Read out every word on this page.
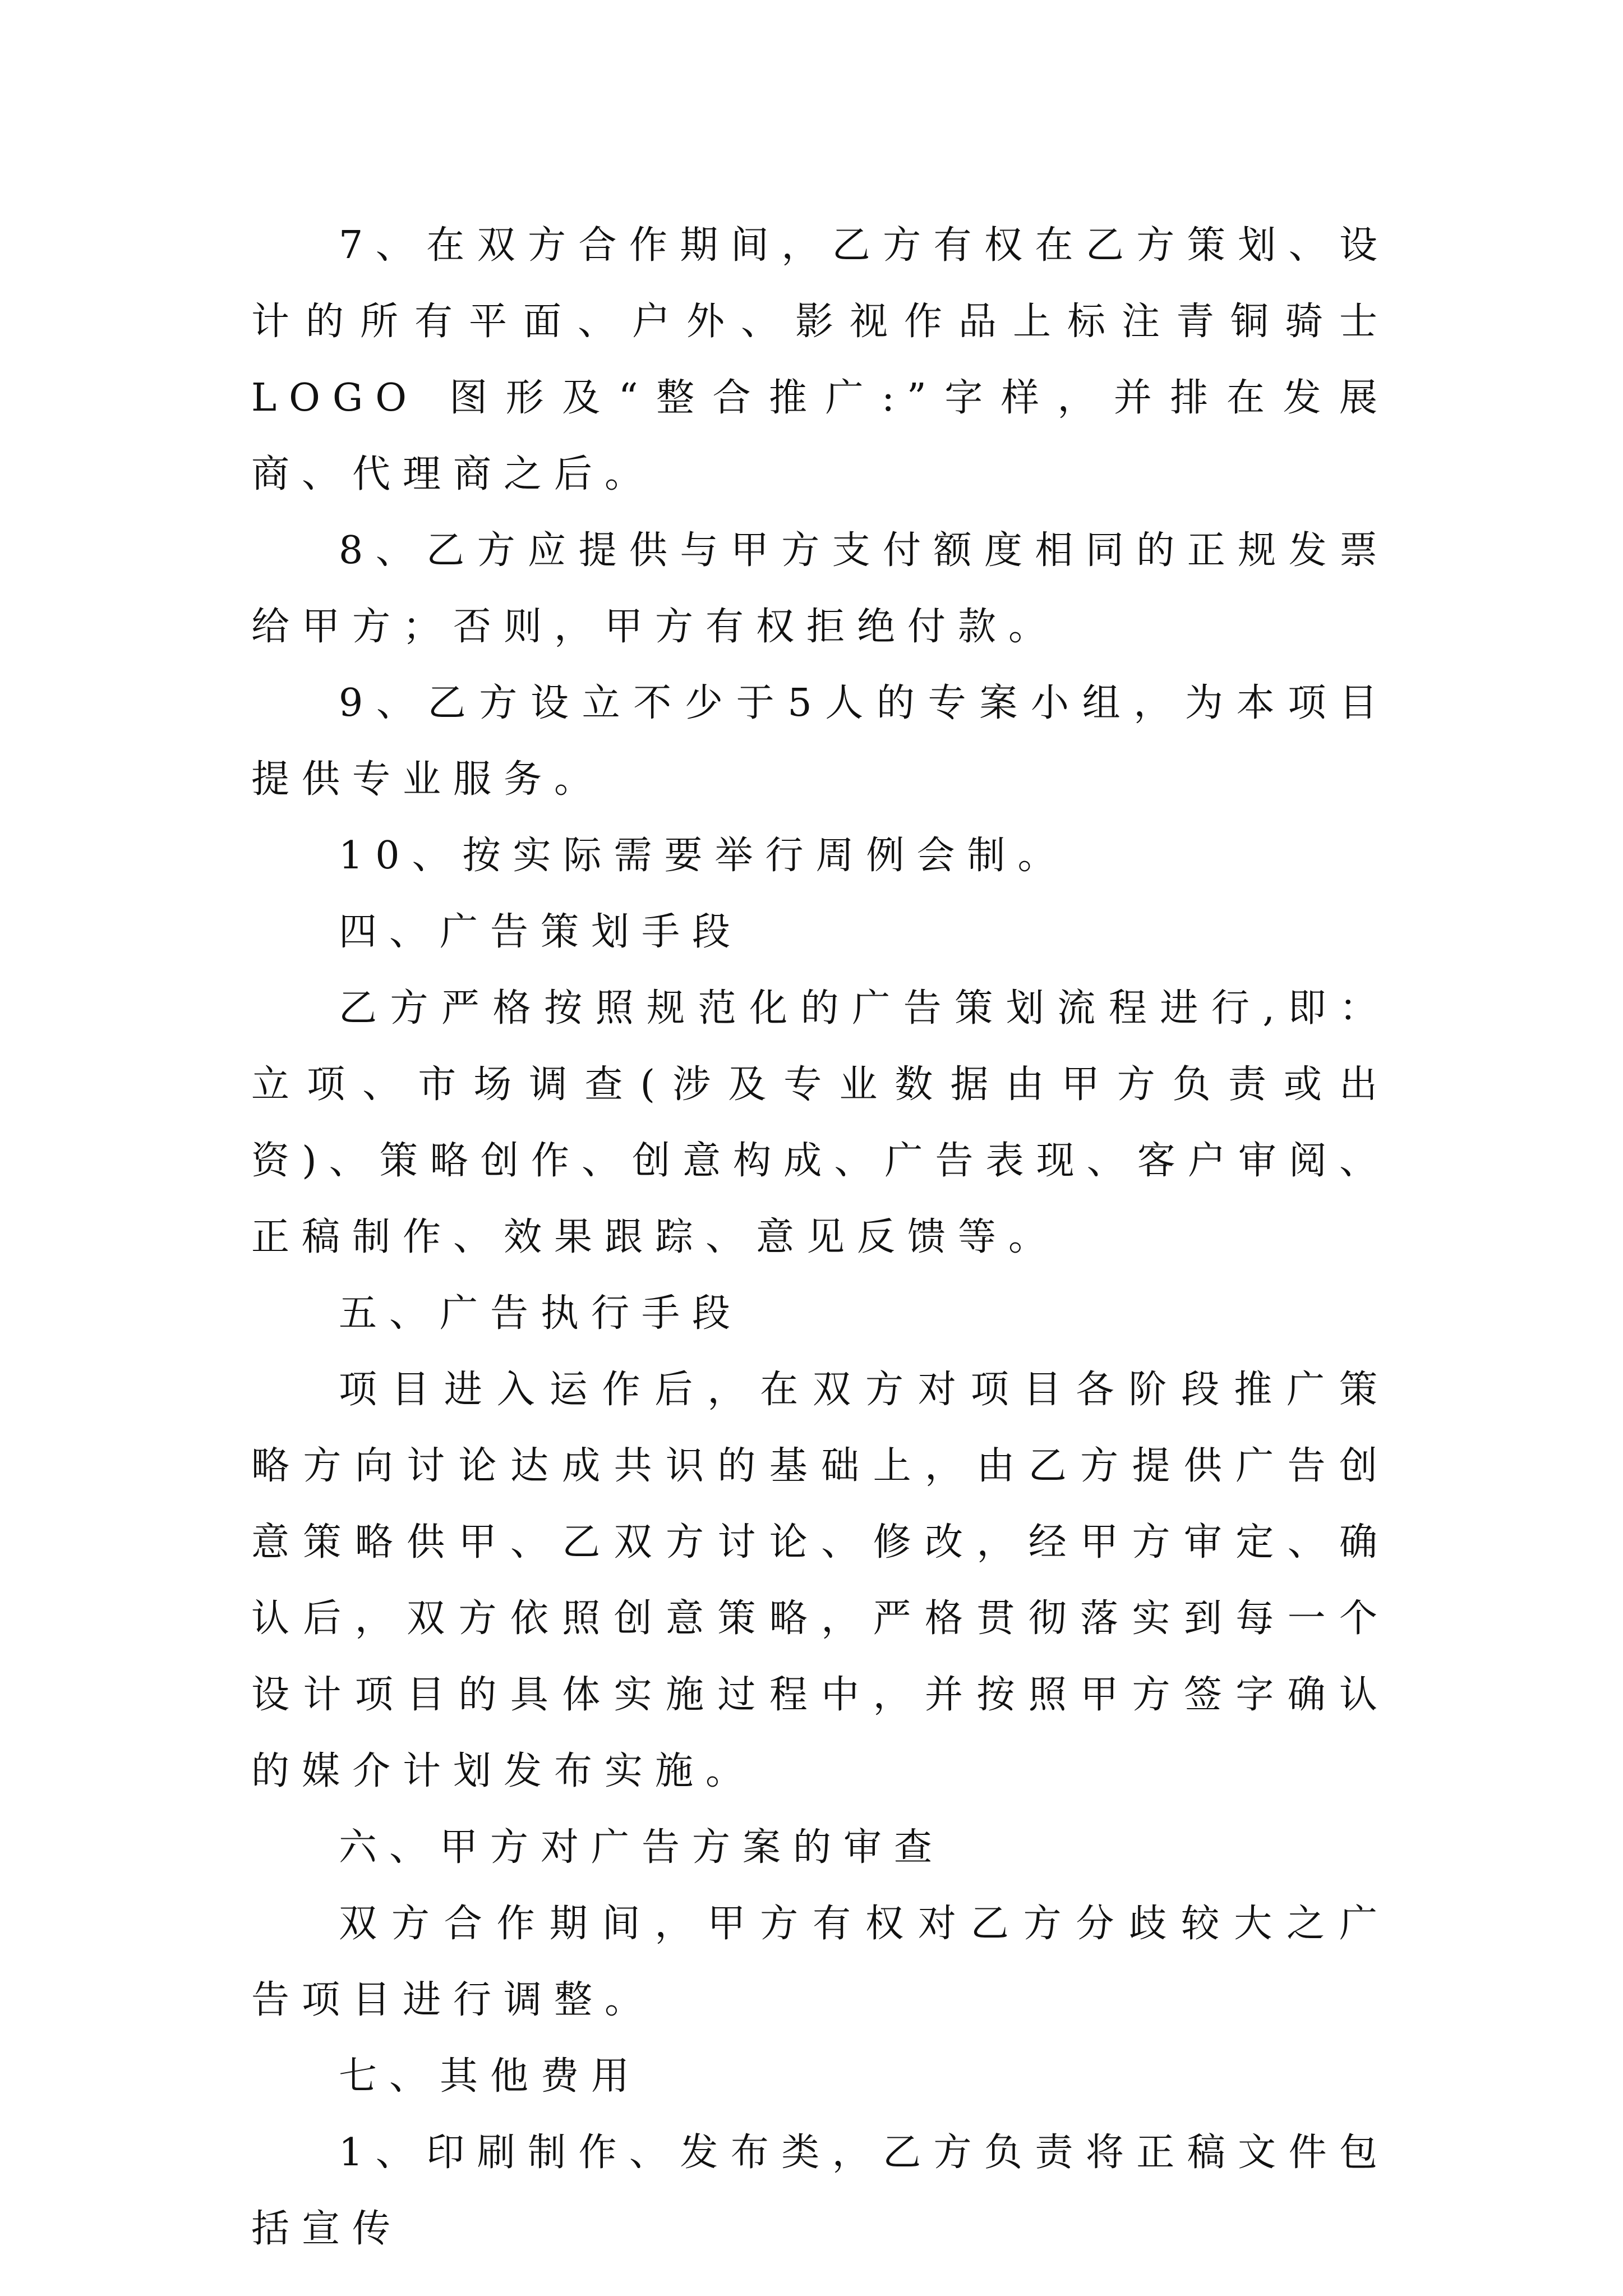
7、在双方合作期间，乙方有权在乙方策划、设计的所有平面、户外、影视作品上标注青铜骑士LOGO 图形及“整合推广:”字样，并排在发展商、代理商之后。

8、乙方应提供与甲方支付额度相同的正规发票给甲方；否则，甲方有权拒绝付款。

9、乙方设立不少于5人的专案小组，为本项目提供专业服务。

10、按实际需要举行周例会制。

四、广告策划手段

乙方严格按照规范化的广告策划流程进行,即：立项、市场调查(涉及专业数据由甲方负责或出资)、策略创作、创意构成、广告表现、客户审阅、正稿制作、效果跟踪、意见反馈等。

五、广告执行手段

项目进入运作后，在双方对项目各阶段推广策略方向讨论达成共识的基础上，由乙方提供广告创意策略供甲、乙双方讨论、修改，经甲方审定、确认后，双方依照创意策略，严格贯彻落实到每一个设计项目的具体实施过程中，并按照甲方签字确认的媒介计划发布实施。

六、甲方对广告方案的审查

双方合作期间，甲方有权对乙方分歧较大之广告项目进行调整。

七、其他费用

1、印刷制作、发布类，乙方负责将正稿文件包括宣传
